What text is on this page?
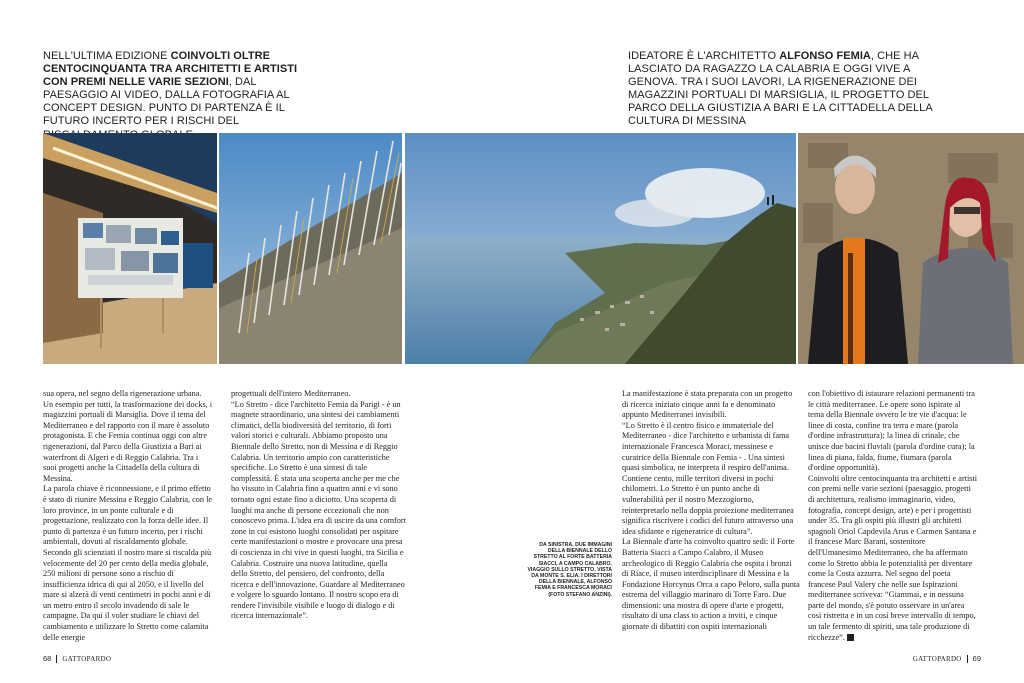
NELL'ULTIMA EDIZIONE COINVOLTI OLTRE CENTOCINQUANTA TRA ARCHITETTI E ARTISTI CON PREMI NELLE VARIE SEZIONI, DAL PAESAGGIO AI VIDEO, DALLA FOTOGRAFIA AL CONCEPT DESIGN. PUNTO DI PARTENZA È IL FUTURO INCERTO PER I RISCHI DEL
IDEATORE È L'ARCHITETTO ALFONSO FEMIA, CHE HA LASCIATO DA RAGAZZO LA CALABRIA E OGGI VIVE A GENOVA. TRA I SUOI LAVORI, LA RIGENERAZIONE DEI MAGAZZINI PORTUALI DI MARSIGLIA, IL PROGETTO DEL PARCO DELLA GIUSTIZIA A BARI E LA CITTADELLA DELLA CULTURA DI MESSINA

sua opera, nel segno della rigenerazione urbana. Un esempio per tutti, la trasformazione dei docks, i magazzini portuali di Marsiglia. Dove il tema del Mediterraneo e del rapporto con il mare è assoluto protagonista. E che Femia continua oggi con altre rigenerazioni, dal Parco della Giustizia a Bari ai waterfront di Algeri e di Reggio Calabria. Tra i suoi progetti anche la Cittadella della cultura di Messina.

La parola chiave è riconnessione, e il primo effetto è stato di riunire Messina e Reggio Calabria, con le loro province, in un ponte culturale e di progettazione, realizzato con la forza delle idee. Il punto di partenza è un futuro incerto, per i rischi ambientali, dovuti al riscaldamento globale. Secondo gli scienziati il nostro mare si riscalda più velocemente del 20 per cento della media globale, 250 milioni di persone sono a rischio di insufficienza idrica di qui al 2050, e il livello del mare si alzerà di venti centimetri in pochi anni e di un metro entro il secolo invadendo di sale le campagne. Da qui il voler studiare le chiavi del cambiamento e utilizzare lo Stretto come calamita delle energie

progettuali dell'intero Mediterraneo.

“Lo Stretto - dice l'architetto Femia da Parigi - è un magnete straordinario, una sintesi dei cambiamenti climatici, della biodiversità del territorio, di forti valori storici e culturali. Abbiamo proposto una Biennale dello Stretto, non di Messina e di Reggio Calabria. Un territorio ampio con caratteristiche specifiche. Lo Stretto è una sintesi di tale complessità. È stata una scoperta anche per me che ho vissuto in Calabria fino a quattro anni e vi sono tornato ogni estate fino a diciotto. Una scoperta di luoghi ma anche di persone eccezionali che non conoscevo prima. L'idea era di uscire da una comfort zone in cui esistono luoghi consolidati per ospitare certe manifestazioni o mostre e provocare una presa di coscienza in chi vive in questi luoghi, tra Sicilia e Calabria. Costruire una nuova latitudine, quella dello Stretto, del pensiero, del confronto, della ricerca e dell'innovazione. Guardare al Mediterraneo e volgere lo sguardo lontano. Il nostro scopo era di rendere l'invisibile visibile e luogo di dialogo e di ricerca internazionale”.

DA SINISTRA, DUE IMMAGINI DELLA BIENNALE DELLO STRETTO AL FORTE BATTERIA SIACCI, A CAMPO CALABRO. VIAGGIO SULLO STRETTO, VISTA DA MONTE S. ELIA. I DIRETTORI DELLA BIENNALE, ALFONSO FEMIA E FRANCESCA MORACI (FOTO STEFANO ANZINI).

La manifestazione è stata preparata con un progetto di ricerca iniziato cinque anni fa e denominato appunto Mediterranei invisibili.

“Lo Stretto è il centro fisico e immateriale del Mediterraneo - dice l'architetto e urbanista di fama internazionale Francesca Moraci, messinese e curatrice della Biennale con Femia - . Una sintesi quasi simbolica, ne interpreta il respiro dell'anima. Contiene cento, mille territori diversi in pochi chilometri. Lo Stretto è un punto anche di vulnerabilità per il nostro Mezzogiorno, reinterpretarlo nella doppia proiezione mediterranea significa riscrivere i codici del futuro attraverso una idea sfidante e rigeneratrice di cultura”.

La Biennale d'arte ha coinvolto quattro sedi: il Forte Batteria Siacci a Campo Calabro, il Museo archeologico di Reggio Calabria che ospita i bronzi di Riace, il museo interdisciplinare di Messina e la Fondazione Horcynus Orca a capo Peloro, sulla punta estrema del villaggio marinaro di Torre Faro. Due dimensioni: una mostra di opere d'arte e progetti, risultato di una class to action a inviti, e cinque giornate di dibattiti con ospiti internazionali

con l'obiettivo di istaurare relazioni permanenti tra le città mediterranee. Le opere sono ispirate al tema della Biennale ovvero le tre vie d'acqua: le linee di costa, confine tra terra e mare (parola d'ordine infrastruttura); la linea di crinale, che unisce due bacini fluviali (parola d'ordine cura); la linea di piana, falda, fiume, fiumara (parola d'ordine opportunità).

Coinvolti oltre centocinquanta tra architetti e artisti con premi nelle varie sezioni (paesaggio, progetti di architettura, realismo immaginario, video, fotografia, concept design, arte) e per i progettisti under 35. Tra gli ospiti più illustri gli architetti spagnoli Oriol Capdevila Arus e Carmen Santana e il francese Marc Barani, sostenitore dell'Umanesimo Mediterraneo, che ha affermato come lo Stretto abbia le potenzialità per diventare come la Costa azzurra. Nel segno del poeta francese Paul Valery che nelle sue Ispirazioni mediterranee scriveva: “Giammai, e in nessuna parte del mondo, s'è potuto osservare in un'area così ristretta e in un così breve intervallo di tempo, un tale fermento di spiriti, una tale produzione di ricchezze”.

68 GATTOPARDO	GATTOPARDO 69
